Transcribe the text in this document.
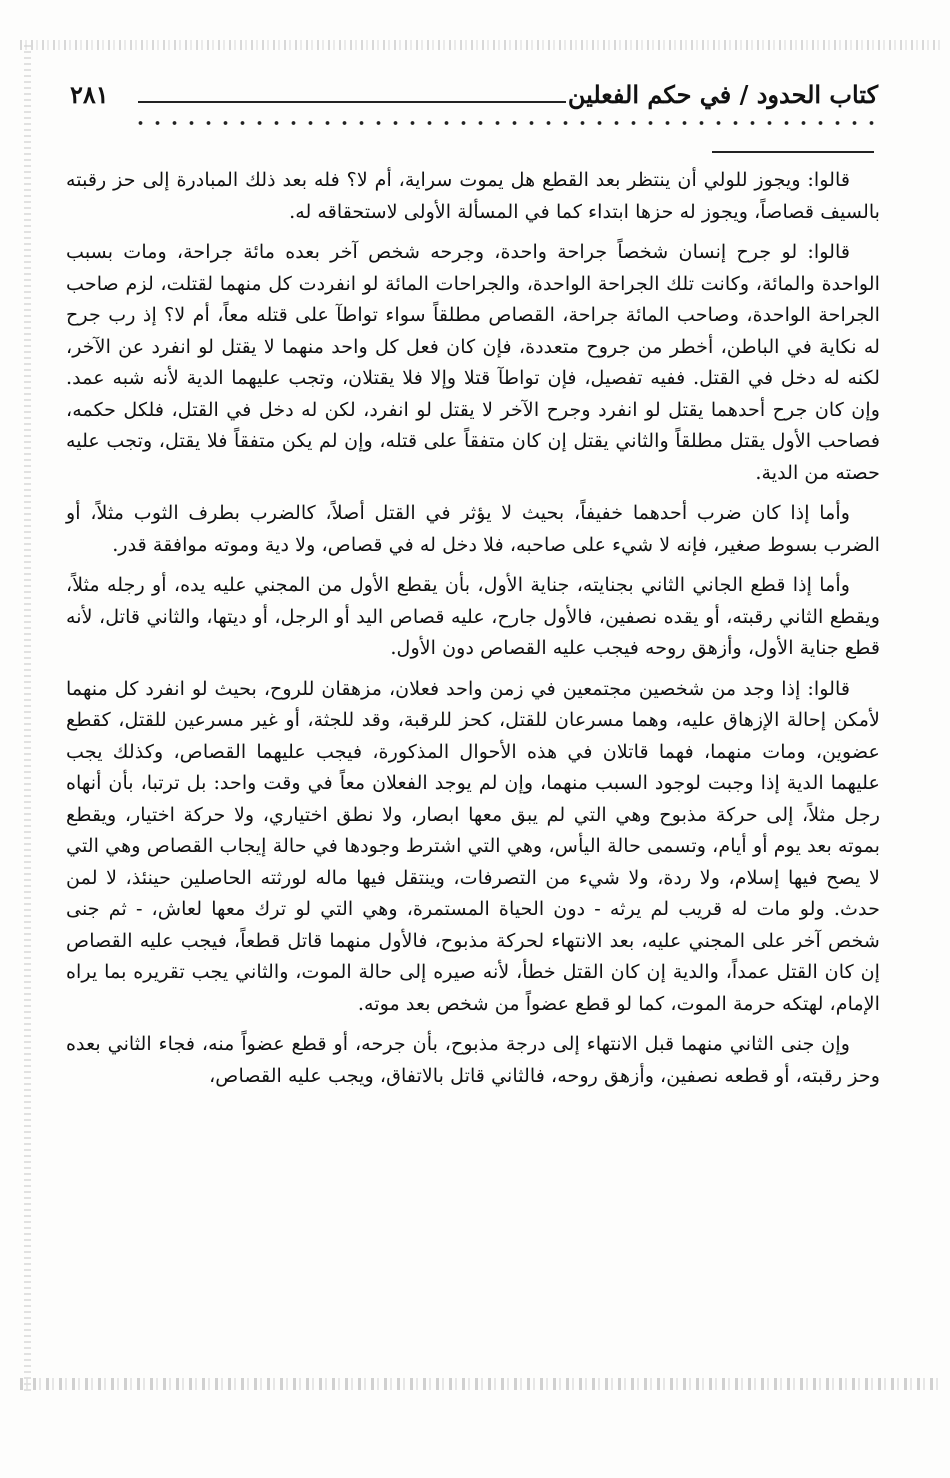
كتاب الحدود / في حكم الفعلين
٢٨١

قالوا: ويجوز للولي أن ينتظر بعد القطع هل يموت سراية، أم لا؟ فله بعد ذلك المبادرة إلى حز رقبته بالسيف قصاصاً، ويجوز له حزها ابتداء كما في المسألة الأولى لاستحقاقه له.

قالوا: لو جرح إنسان شخصاً جراحة واحدة، وجرحه شخص آخر بعده مائة جراحة، ومات بسبب الواحدة والمائة، وكانت تلك الجراحة الواحدة، والجراحات المائة لو انفردت كل منهما لقتلت، لزم صاحب الجراحة الواحدة، وصاحب المائة جراحة، القصاص مطلقاً سواء تواطآ على قتله معاً، أم لا؟ إذ رب جرح له نكاية في الباطن، أخطر من جروح متعددة، فإن كان فعل كل واحد منهما لا يقتل لو انفرد عن الآخر، لكنه له دخل في القتل. ففيه تفصيل، فإن تواطآ قتلا وإلا فلا يقتلان، وتجب عليهما الدية لأنه شبه عمد. وإن كان جرح أحدهما يقتل لو انفرد وجرح الآخر لا يقتل لو انفرد، لكن له دخل في القتل، فلكل حكمه، فصاحب الأول يقتل مطلقاً والثاني يقتل إن كان متفقاً على قتله، وإن لم يكن متفقاً فلا يقتل، وتجب عليه حصته من الدية.

وأما إذا كان ضرب أحدهما خفيفاً، بحيث لا يؤثر في القتل أصلاً، كالضرب بطرف الثوب مثلاً، أو الضرب بسوط صغير، فإنه لا شيء على صاحبه، فلا دخل له في قصاص، ولا دية وموته موافقة قدر.

وأما إذا قطع الجاني الثاني بجنايته، جناية الأول، بأن يقطع الأول من المجني عليه يده، أو رجله مثلاً، ويقطع الثاني رقبته، أو يقده نصفين، فالأول جارح، عليه قصاص اليد أو الرجل، أو ديتها، والثاني قاتل، لأنه قطع جناية الأول، وأزهق روحه فيجب عليه القصاص دون الأول.

قالوا: إذا وجد من شخصين مجتمعين في زمن واحد فعلان، مزهقان للروح، بحيث لو انفرد كل منهما لأمكن إحالة الإزهاق عليه، وهما مسرعان للقتل، كحز للرقبة، وقد للجثة، أو غير مسرعين للقتل، كقطع عضوين، ومات منهما، فهما قاتلان في هذه الأحوال المذكورة، فيجب عليهما القصاص، وكذلك يجب عليهما الدية إذا وجبت لوجود السبب منهما، وإن لم يوجد الفعلان معاً في وقت واحد: بل ترتبا، بأن أنهاه رجل مثلاً، إلى حركة مذبوح وهي التي لم يبق معها ابصار، ولا نطق اختياري، ولا حركة اختيار، ويقطع بموته بعد يوم أو أيام، وتسمى حالة اليأس، وهي التي اشترط وجودها في حالة إيجاب القصاص وهي التي لا يصح فيها إسلام، ولا ردة، ولا شيء من التصرفات، وينتقل فيها ماله لورثته الحاصلين حينئذ، لا لمن حدث. ولو مات له قريب لم يرثه - دون الحياة المستمرة، وهي التي لو ترك معها لعاش، - ثم جنى شخص آخر على المجني عليه، بعد الانتهاء لحركة مذبوح، فالأول منهما قاتل قطعاً، فيجب عليه القصاص إن كان القتل عمداً، والدية إن كان القتل خطأ، لأنه صيره إلى حالة الموت، والثاني يجب تقريره بما يراه الإمام، لهتكه حرمة الموت، كما لو قطع عضواً من شخص بعد موته.

وإن جنى الثاني منهما قبل الانتهاء إلى درجة مذبوح، بأن جرحه، أو قطع عضواً منه، فجاء الثاني بعده وحز رقبته، أو قطعه نصفين، وأزهق روحه، فالثاني قاتل بالاتفاق، ويجب عليه القصاص،
